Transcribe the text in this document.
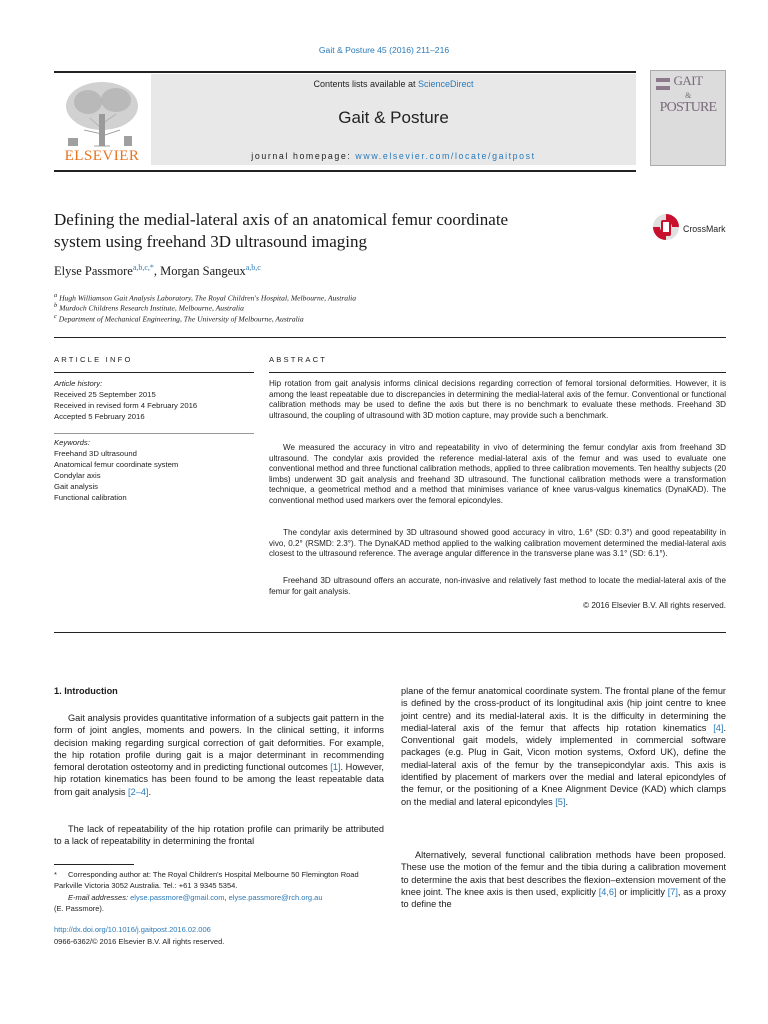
Gait & Posture 45 (2016) 211–216
ELSEVIER
Contents lists available at ScienceDirect
Gait & Posture
journal homepage: www.elsevier.com/locate/gaitpost
GAIT
&
POSTURE
Defining the medial-lateral axis of an anatomical femur coordinate
system using freehand 3D ultrasound imaging
CrossMark
Elyse Passmore$^{a,b,c,*}$, Morgan Sangeux$^{a,b,c}$
$^a$ Hugh Williamson Gait Analysis Laboratory, The Royal Children's Hospital, Melbourne, Australia
$^b$ Murdoch Childrens Research Institute, Melbourne, Australia
$^c$ Department of Mechanical Engineering, The University of Melbourne, Australia
ARTICLE INFO	ABSTRACT
Article history:
Received 25 September 2015
Received in revised form 4 February 2016
Accepted 5 February 2016
Keywords:
Freehand 3D ultrasound
Anatomical femur coordinate system
Condylar axis
Gait analysis
Functional calibration
Hip rotation from gait analysis informs clinical decisions regarding correction of femoral torsional deformities. However, it is among the least repeatable due to discrepancies in determining the medial-lateral axis of the femur. Conventional or functional calibration methods may be used to define the axis but there is no benchmark to evaluate these methods. Freehand 3D ultrasound, the coupling of ultrasound with 3D motion capture, may provide such a benchmark.
We measured the accuracy in vitro and repeatability in vivo of determining the femur condylar axis from freehand 3D ultrasound. The condylar axis provided the reference medial-lateral axis of the femur and was used to evaluate one conventional method and three functional calibration methods, applied to three calibration movements. Ten healthy subjects (20 limbs) underwent 3D gait analysis and freehand 3D ultrasound. The functional calibration methods were a transformation technique, a geometrical method and a method that minimises variance of knee varus-valgus kinematics (DynaKAD). The conventional method used markers over the femoral epicondyles.
The condylar axis determined by 3D ultrasound showed good accuracy in vitro, 1.6° (SD: 0.3°) and good repeatability in vivo, 0.2° (RSMD: 2.3°). The DynaKAD method applied to the walking calibration movement determined the medial-lateral axis closest to the ultrasound reference. The average angular difference in the transverse plane was 3.1° (SD: 6.1°).
Freehand 3D ultrasound offers an accurate, non-invasive and relatively fast method to locate the medial-lateral axis of the femur for gait analysis.
© 2016 Elsevier B.V. All rights reserved.
1. Introduction
Gait analysis provides quantitative information of a subjects gait pattern in the form of joint angles, moments and powers. In the clinical setting, it informs decision making regarding surgical correction of gait deformities. For example, the hip rotation profile during gait is a major determinant in recommending femoral derotation osteotomy and in predicting functional outcomes [1]. However, hip rotation kinematics has been found to be among the least repeatable data from gait analysis [2–4].
The lack of repeatability of the hip rotation profile can primarily be attributed to a lack of repeatability in determining the frontal
* Corresponding author at: The Royal Children's Hospital Melbourne 50 Flemington Road Parkville Victoria 3052 Australia. Tel.: +61 3 9345 5354.
E-mail addresses: elyse.passmore@gmail.com, elyse.passmore@rch.org.au
(E. Passmore).
http://dx.doi.org/10.1016/j.gaitpost.2016.02.006
0966-6362/© 2016 Elsevier B.V. All rights reserved.
plane of the femur anatomical coordinate system. The frontal plane of the femur is defined by the cross-product of its longitudinal axis (hip joint centre to knee joint centre) and its medial-lateral axis. It is the difficulty in determining the medial-lateral axis of the femur that affects hip rotation kinematics [4]. Conventional gait models, widely implemented in commercial software packages (e.g. Plug in Gait, Vicon motion systems, Oxford UK), define the medial-lateral axis of the femur by the transepicondylar axis. This axis is identified by placement of markers over the medial and lateral epicondyles of the femur, or the positioning of a Knee Alignment Device (KAD) which clamps on the medial and lateral epicondyles [5].
Alternatively, several functional calibration methods have been proposed. These use the motion of the femur and the tibia during a calibration movement to determine the axis that best describes the flexion–extension movement of the knee joint. The knee axis is then used, explicitly [4,6] or implicitly [7], as a proxy to define the
